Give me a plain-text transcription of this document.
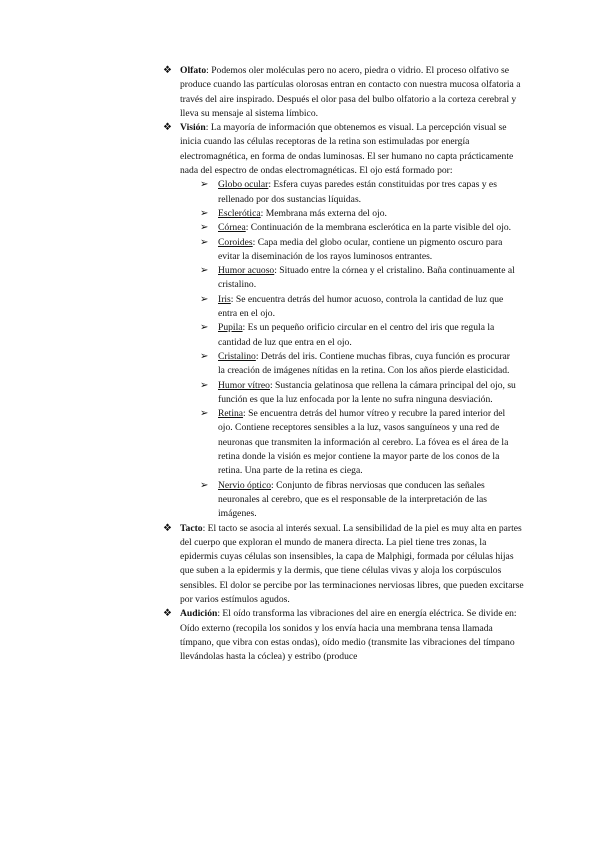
❖ Olfato: Podemos oler moléculas pero no acero, piedra o vidrio. El proceso olfativo se produce cuando las partículas olorosas entran en contacto con nuestra mucosa olfatoria a través del aire inspirado. Después el olor pasa del bulbo olfatorio a la corteza cerebral y lleva su mensaje al sistema límbico.

❖ Visión: La mayoría de información que obtenemos es visual. La percepción visual se inicia cuando las células receptoras de la retina son estimuladas por energía electromagnética, en forma de ondas luminosas. El ser humano no capta prácticamente nada del espectro de ondas electromagnéticas. El ojo está formado por:

➢ Globo ocular: Esfera cuyas paredes están constituidas por tres capas y es rellenado por dos sustancias líquidas.

➢ Esclerótica: Membrana más externa del ojo.

➢ Córnea: Continuación de la membrana esclerótica en la parte visible del ojo.

➢ Coroides: Capa media del globo ocular, contiene un pigmento oscuro para evitar la diseminación de los rayos luminosos entrantes.

➢ Humor acuoso: Situado entre la córnea y el cristalino. Baña continuamente al cristalino.

➢ Iris: Se encuentra detrás del humor acuoso, controla la cantidad de luz que entra en el ojo.

➢ Pupila: Es un pequeño orificio circular en el centro del iris que regula la cantidad de luz que entra en el ojo.

➢ Cristalino: Detrás del iris. Contiene muchas fibras, cuya función es procurar la creación de imágenes nítidas en la retina. Con los años pierde elasticidad.

➢ Humor vítreo: Sustancia gelatinosa que rellena la cámara principal del ojo, su función es que la luz enfocada por la lente no sufra ninguna desviación.

➢ Retina: Se encuentra detrás del humor vítreo y recubre la pared interior del ojo. Contiene receptores sensibles a la luz, vasos sanguíneos y una red de neuronas que transmiten la información al cerebro. La fóvea es el área de la retina donde la visión es mejor contiene la mayor parte de los conos de la retina. Una parte de la retina es ciega.

➢ Nervio óptico: Conjunto de fibras nerviosas que conducen las señales neuronales al cerebro, que es el responsable de la interpretación de las imágenes.

❖ Tacto: El tacto se asocia al interés sexual. La sensibilidad de la piel es muy alta en partes del cuerpo que exploran el mundo de manera directa. La piel tiene tres zonas, la epidermis cuyas células son insensibles, la capa de Malphigi, formada por células hijas que suben a la epidermis y la dermis, que tiene células vivas y aloja los corpúsculos sensibles. El dolor se percibe por las terminaciones nerviosas libres, que pueden excitarse por varios estímulos agudos.

❖ Audición: El oído transforma las vibraciones del aire en energía eléctrica. Se divide en: Oído externo (recopila los sonidos y los envía hacia una membrana tensa llamada tímpano, que vibra con estas ondas), oído medio (transmite las vibraciones del tímpano llevándolas hasta la cóclea) y estribo (produce
